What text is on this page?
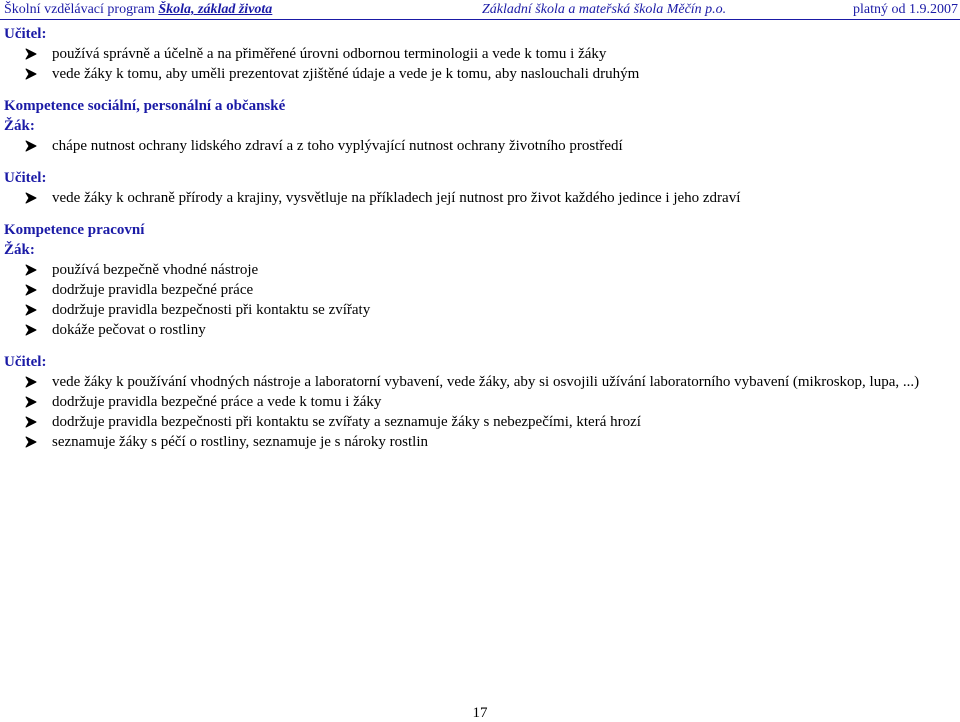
Školní vzdělávací program Škola, základ života	Základní škola a mateřská škola Měčín p.o.	platný od 1.9.2007
Učitel:
používá správně a účelně a na přiměřené úrovni odbornou terminologii a vede k tomu i žáky
vede žáky k tomu, aby uměli prezentovat zjištěné údaje a vede je k tomu, aby naslouchali druhým
Kompetence sociální, personální a občanské
Žák:
chápe nutnost ochrany lidského zdraví a z toho vyplývající nutnost ochrany životního prostředí
Učitel:
vede žáky k ochraně přírody a krajiny, vysvětluje na příkladech její nutnost pro život každého jedince i jeho zdraví
Kompetence pracovní
Žák:
používá bezpečně vhodné nástroje
dodržuje pravidla bezpečné práce
dodržuje pravidla bezpečnosti při kontaktu se zvířaty
dokáže pečovat o rostliny
Učitel:
vede žáky k používání vhodných nástroje a laboratorní vybavení, vede žáky, aby si osvojili užívání laboratorního vybavení (mikroskop, lupa, ...)
dodržuje pravidla bezpečné práce a vede k tomu i žáky
dodržuje pravidla bezpečnosti při kontaktu se zvířaty a seznamuje žáky s nebezpečími, která hrozí
seznamuje žáky s péčí o rostliny, seznamuje je s nároky rostlin
17
